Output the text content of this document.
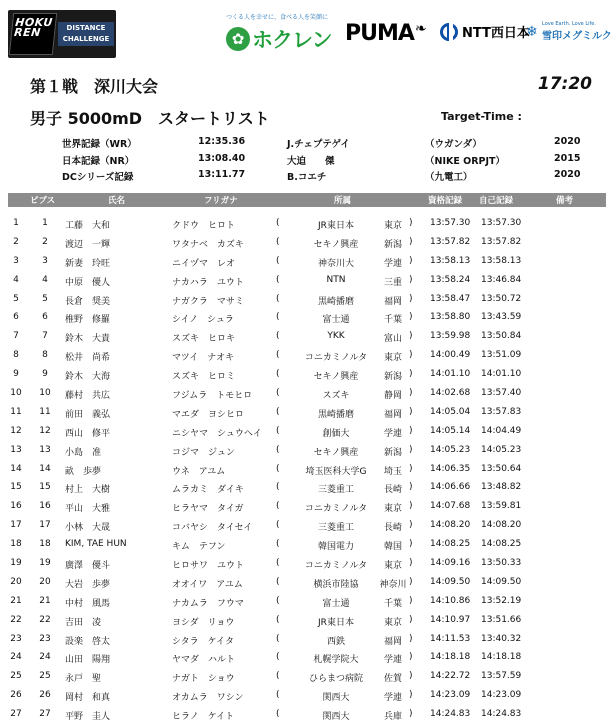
HOKU
REN	DISTANCE
CHALLENGE
つくる人を幸せに、食べる人を笑顔に
✿ ホクレン PUMA❧	NTT西日本
❄ Love Earth. Love Life.
雪印メグミルク
第１戦　深川大会	17:20
男子 5000mD　スタートリスト	Target-Time :
世界記録（WR）	12:35.36	J.チェプテゲイ	（ウガンダ）	2020
日本記録（NR）	13:08.40	大迫　　傑	（NIKE ORPJT）	2015
DCシリーズ記録	13:11.77	B.コエチ	（九電工）	2020
ビブス	氏名	フリガナ	所属	資格記録 自己記録	備考
1	1	工藤　大和	クドウ　ヒロト	(	JR東日本	東京 ) 13:57.30 13:57.30
2	2	渡辺　一輝	ワタナベ　カズキ	(	セキノ興産	新潟 ) 13:57.82 13:57.82
3	3	新妻　玲旺	ニイヅマ　レオ	(	神奈川大	学連 ) 13:58.13 13:58.13
4	4	中原　優人	ナカハラ　ユウト	(	NTN	三重 ) 13:58.24 13:46.84
5	5	長倉　奨美	ナガクラ　マサミ	(	黒崎播磨	福岡 ) 13:58.47 13:50.72
6	6	椎野　修羅	シイノ　シュラ	(	富士通	千葉 ) 13:58.80 13:43.59
7	7	鈴木　大貴	スズキ　ヒロキ	(	YKK	富山 ) 13:59.98 13:50.84
8	8	松井　尚希	マツイ　ナオキ	(	コニカミノルタ	東京 ) 14:00.49 13:51.09
9	9	鈴木　大海	スズキ　ヒロミ	(	セキノ興産	新潟 ) 14:01.10 14:01.10
10	10	藤村　共広	フジムラ　トモヒロ	(	スズキ	静岡 ) 14:02.68 13:57.40
11	11	前田　義弘	マエダ　ヨシヒロ	(	黒崎播磨	福岡 ) 14:05.04 13:57.83
12	12	西山　修平	ニシヤマ　シュウヘイ (	創価大	学連 ) 14:05.14 14:04.49
13	13	小島　准	コジマ　ジュン	(	セキノ興産	新潟 ) 14:05.23 14:05.23
14	14	畝　歩夢	ウネ　アユム	(	埼玉医科大学G	埼玉 ) 14:06.35 13:50.64
15	15	村上　大樹	ムラカミ　ダイキ	(	三菱重工	長崎 ) 14:06.66 13:48.82
16	16	平山　大雅	ヒラヤマ　タイガ	(	コニカミノルタ	東京 ) 14:07.68 13:59.81
17	17	小林　大晟	コバヤシ　タイセイ	(	三菱重工	長崎 ) 14:08.20 14:08.20
18	18	KIM, TAE HUN	キム　テフン	(	韓国電力	韓国 ) 14:08.25 14:08.25
19	19	廣澤　優斗	ヒロサワ　ユウト	(	コニカミノルタ	東京 ) 14:09.16 13:50.33
20	20	大岩　歩夢	オオイワ　アユム	(	横浜市陸協	神奈川 ) 14:09.50 14:09.50
21	21	中村　風馬	ナカムラ　フウマ	(	富士通	千葉 ) 14:10.86 13:52.19
22	22	吉田　凌	ヨシダ　リョウ	(	JR東日本	東京 ) 14:10.97 13:51.66
23	23	設楽　啓太	シタラ　ケイタ	(	西鉄	福岡 ) 14:11.53 13:40.32
24	24	山田　陽翔	ヤマダ　ハルト	(	札幌学院大	学連 ) 14:18.18 14:18.18
25	25	永戸　聖	ナガト　ショウ	(	ひらまつ病院	佐賀 ) 14:22.72 13:57.59
26	26	岡村　和真	オカムラ　ワシン	(	関西大	学連 ) 14:23.09 14:23.09
27	27	平野　圭人	ヒラノ　ケイト	(	関西大	兵庫 ) 14:24.83 14:24.83
